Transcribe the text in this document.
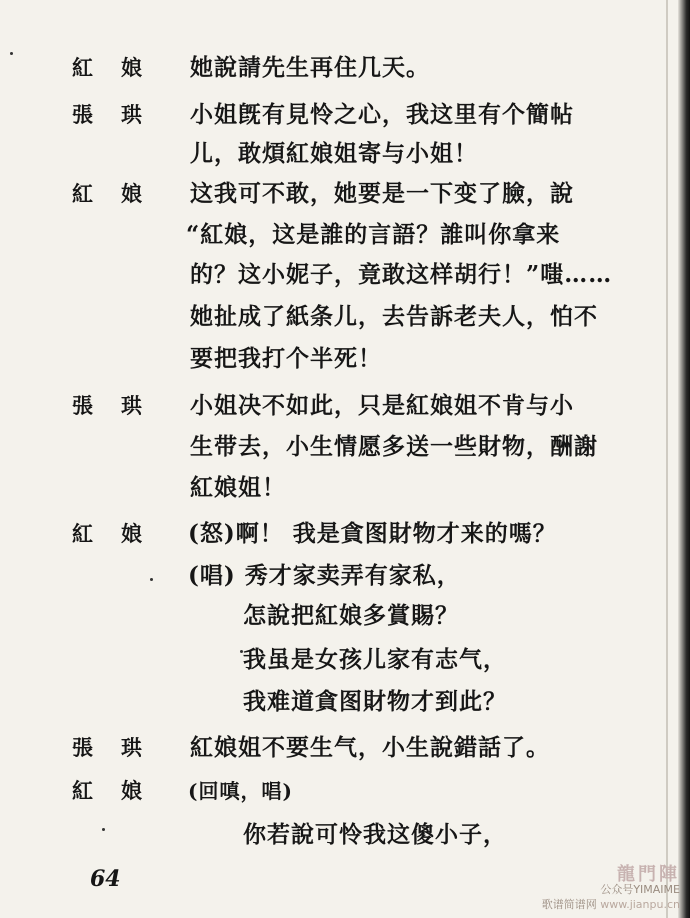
紅娘 她說請先生再住几天。
張珙 小姐旣有見怜之心，我这里有个簡帖
儿，敢煩紅娘姐寄与小姐！
紅娘 这我可不敢，她要是一下变了臉，說
“紅娘，这是誰的言語？誰叫你拿来
的？这小妮子，竟敢这样胡行！”嗤……
她扯成了紙条儿，去告訴老夫人，怕不
要把我打个半死！
張珙 小姐决不如此，只是紅娘姐不肯与小
生带去，小生情愿多送一些財物，酬謝
紅娘姐！
紅娘 (怒)啊！ 我是貪图財物才来的嗎？
(唱) 秀才家卖弄有家私，
怎說把紅娘多賞賜？
我虽是女孩儿家有志气，
我难道貪图財物才到此？
張珙 紅娘姐不要生气，小生說錯話了。
紅娘 (回嗔，唱)
你若說可怜我这傻小子，
64	龍門陣
公众号YIMAIME
歌谱简谱网 www.jianpu.cn
